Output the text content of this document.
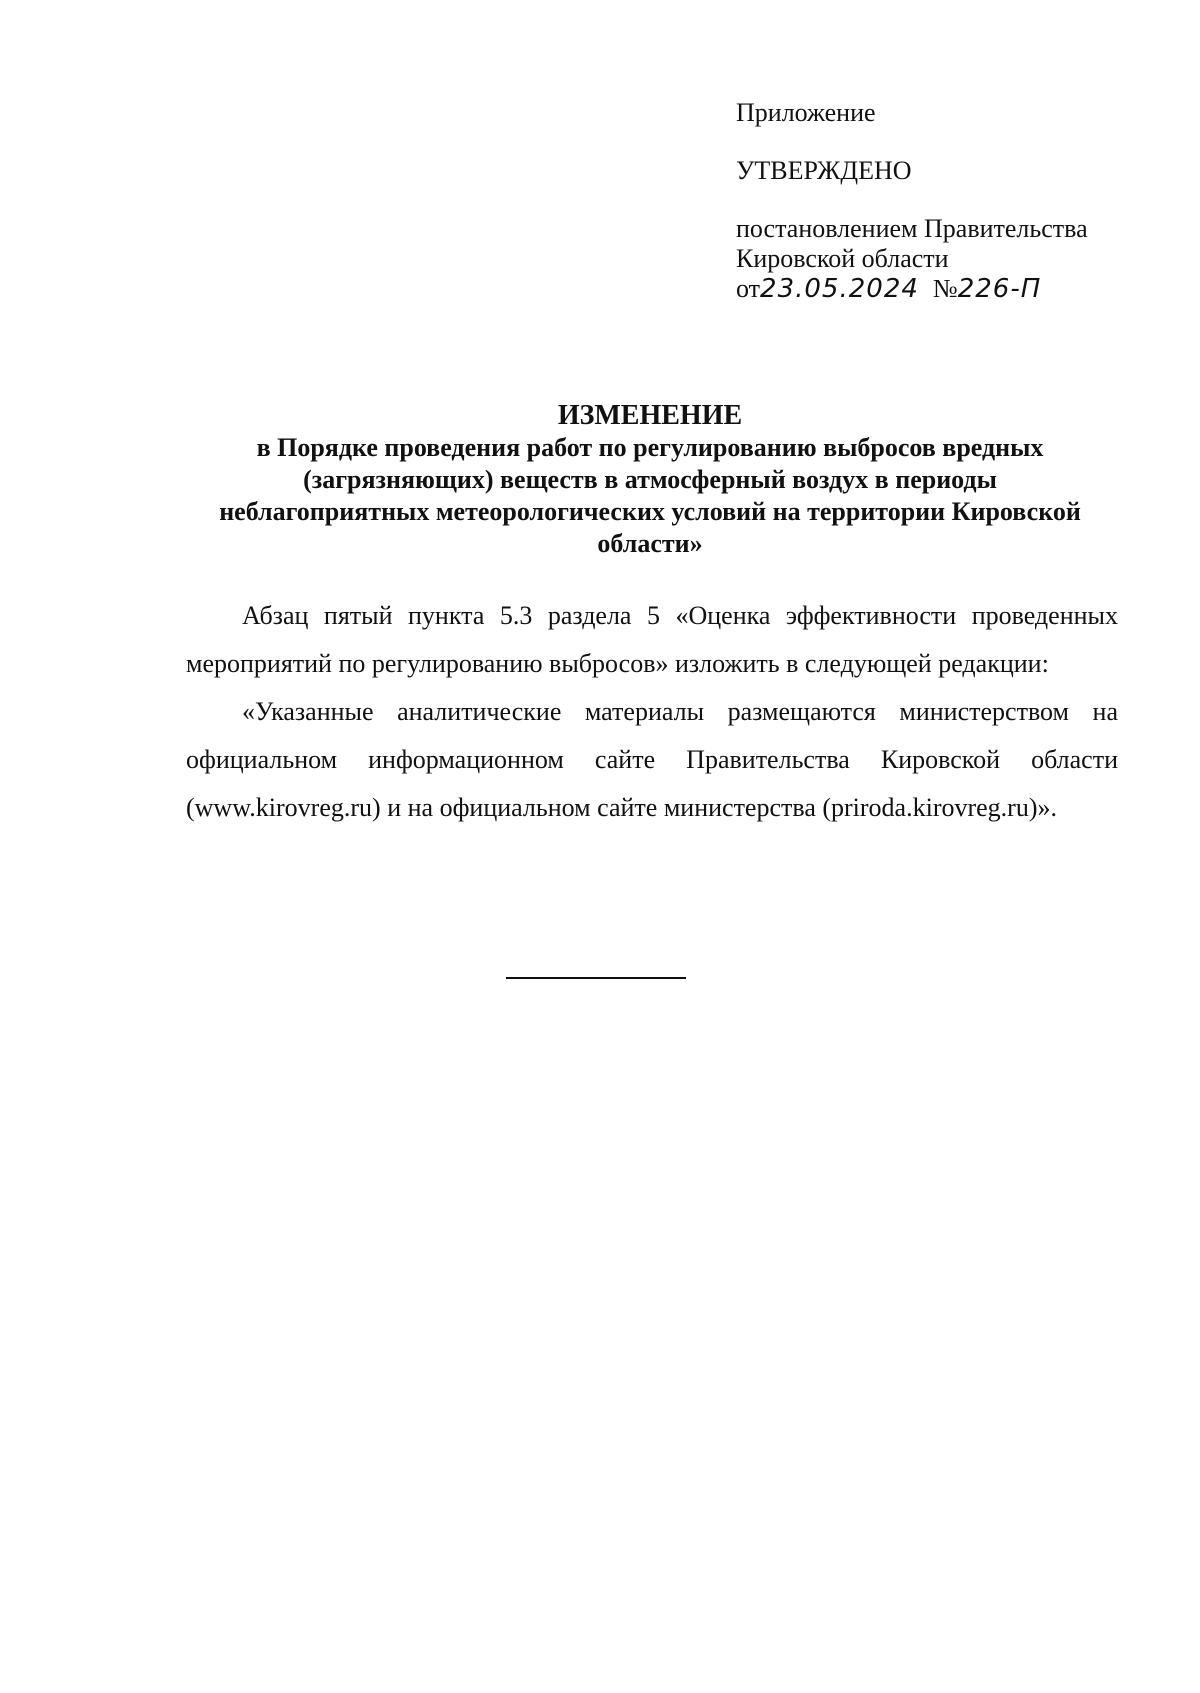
Приложение
УТВЕРЖДЕНО
постановлением Правительства
Кировской области
от23.05.2024 №226-П
ИЗМЕНЕНИЕ
в Порядке проведения работ по регулированию выбросов вредных
(загрязняющих) веществ в атмосферный воздух в периоды
неблагоприятных метеорологических условий на территории Кировской
области»

Абзац пятый пункта 5.3 раздела 5 «Оценка эффективности проведенных мероприятий по регулированию выбросов» изложить в следующей редакции:

«Указанные аналитические материалы размещаются министерством на официальном информационном сайте Правительства Кировской области (www.kirovreg.ru) и на официальном сайте министерства (priroda.kirovreg.ru)».
